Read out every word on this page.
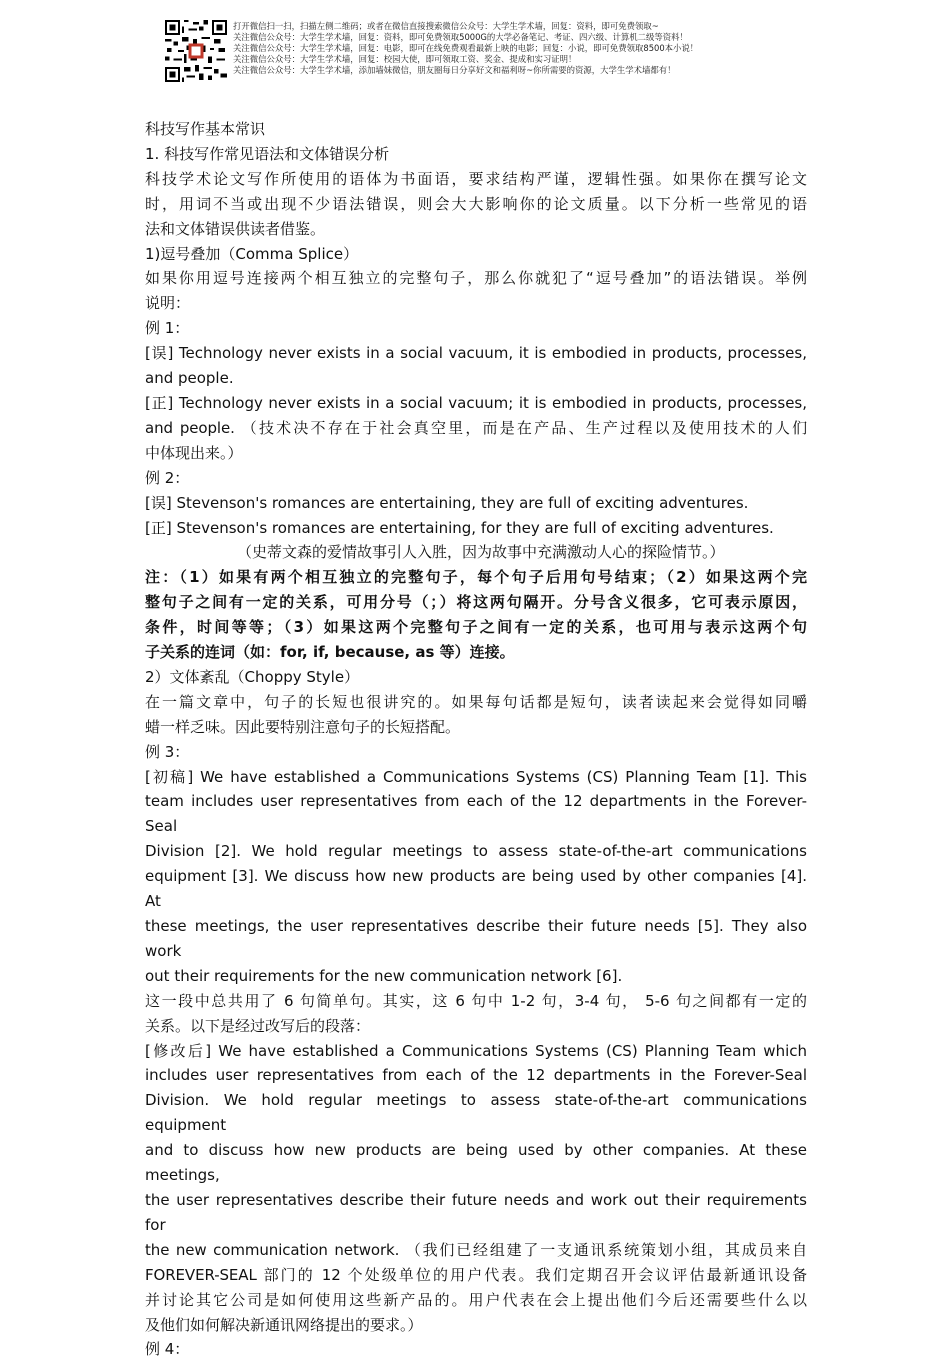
打开微信扫一扫，扫描左侧二维码；或者在微信直接搜索微信公众号：大学生学术墙，回复：资料，即可免费领取~
关注微信公众号：大学生学术墙，回复：资料，即可免费领取5000G的大学必备笔记、考证、四六级、计算机二级等资料！
关注微信公众号：大学生学术墙，回复：电影，即可在线免费观看最新上映的电影；回复：小说，即可免费领取8500本小说！
关注微信公众号：大学生学术墙，回复：校园大使，即可领取工资、奖金、提成和实习证明！
关注微信公众号：大学生学术墙，添加墙妹微信，朋友圈每日分享好文和福利呀~你所需要的资源，大学生学术墙都有！

科技写作基本常识

1. 科技写作常见语法和文体错误分析

科技学术论文写作所使用的语体为书面语，要求结构严谨，逻辑性强。如果你在撰写论文

时，用词不当或出现不少语法错误，则会大大影响你的论文质量。以下分析一些常见的语

法和文体错误供读者借鉴。

1)逗号叠加（Comma Splice）

如果你用逗号连接两个相互独立的完整句子，那么你就犯了“逗号叠加”的语法错误。举例

说明：

例 1：

[误] Technology never exists in a social vacuum, it is embodied in products, processes,

and people.

[正] Technology never exists in a social vacuum; it is embodied in products, processes,

and people. （技术决不存在于社会真空里，而是在产品、生产过程以及使用技术的人们

中体现出来。）

例 2：

[误] Stevenson's romances are entertaining, they are full of exciting adventures.

[正] Stevenson's romances are entertaining, for they are full of exciting adventures.

（史蒂文森的爱情故事引人入胜，因为故事中充满激动人心的探险情节。）

注：（1）如果有两个相互独立的完整句子，每个句子后用句号结束；（2）如果这两个完

整句子之间有一定的关系，可用分号（；）将这两句隔开。分号含义很多，它可表示原因，

条件，时间等等；（3）如果这两个完整句子之间有一定的关系，也可用与表示这两个句

子关系的连词（如：for, if, because, as 等）连接。

2）文体紊乱（Choppy Style）

在一篇文章中，句子的长短也很讲究的。如果每句话都是短句，读者读起来会觉得如同嚼

蜡一样乏味。因此要特别注意句子的长短搭配。

例 3：

[初稿] We have established a Communications Systems (CS) Planning Team [1]. This

team includes user representatives from each of the 12 departments in the Forever-Seal

Division [2]. We hold regular meetings to assess state-of-the-art communications

equipment [3]. We discuss how new products are being used by other companies [4]. At

these meetings, the user representatives describe their future needs [5]. They also work

out their requirements for the new communication network [6].

这一段中总共用了 6 句简单句。其实，这 6 句中 1-2 句，3-4 句， 5-6 句之间都有一定的

关系。以下是经过改写后的段落：

[修改后] We have established a Communications Systems (CS) Planning Team which

includes user representatives from each of the 12 departments in the Forever-Seal

Division. We hold regular meetings to assess state-of-the-art communications equipment

and to discuss how new products are being used by other companies. At these meetings,

the user representatives describe their future needs and work out their requirements for

the new communication network. （我们已经组建了一支通讯系统策划小组，其成员来自

FOREVER-SEAL 部门的 12 个处级单位的用户代表。我们定期召开会议评估最新通讯设备

并讨论其它公司是如何使用这些新产品的。用户代表在会上提出他们今后还需要些什么以

及他们如何解决新通讯网络提出的要求。）

例 4：
